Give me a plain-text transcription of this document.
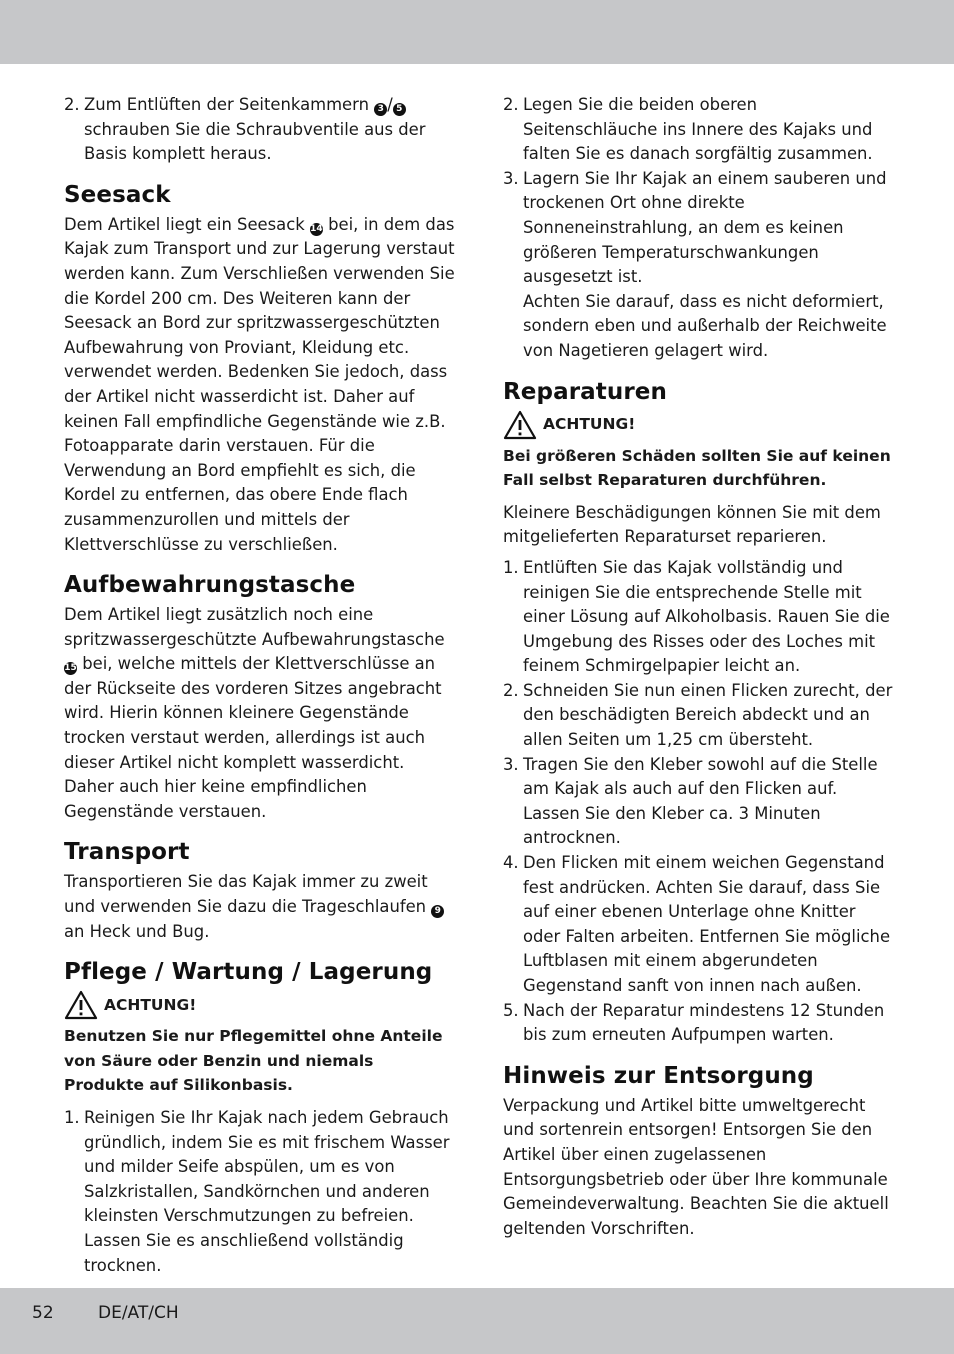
2. Zum Entlüften der Seitenkammern 3 / 5 schrauben Sie die Schraubventile aus der Basis komplett heraus.
Seesack

Dem Artikel liegt ein Seesack 14 bei, in dem das Kajak zum Transport und zur Lagerung verstaut werden kann. Zum Verschließen verwenden Sie die Kordel 200 cm. Des Weiteren kann der Seesack an Bord zur spritzwassergeschützten Aufbewahrung von Proviant, Kleidung etc. verwendet werden. Bedenken Sie jedoch, dass der Artikel nicht wasserdicht ist. Daher auf keinen Fall empfindliche Gegenstände wie z.B. Fotoapparate darin verstauen. Für die Verwendung an Bord empfiehlt es sich, die Kordel zu entfernen, das obere Ende flach zusammenzurollen und mittels der Klettverschlüsse zu verschließen.

Aufbewahrungstasche

Dem Artikel liegt zusätzlich noch eine spritzwassergeschützte Aufbewahrungstasche 15 bei, welche mittels der Klettverschlüsse an der Rückseite des vorderen Sitzes angebracht wird. Hierin können kleinere Gegenstände trocken verstaut werden, allerdings ist auch dieser Artikel nicht komplett wasserdicht. Daher auch hier keine empfindlichen Gegenstände verstauen.

Transport

Transportieren Sie das Kajak immer zu zweit und verwenden Sie dazu die Trageschlaufen 9 an Heck und Bug.

Pflege / Wartung / Lagerung
ACHTUNG!

Benutzen Sie nur Pflegemittel ohne Anteile von Säure oder Benzin und niemals Produkte auf Silikonbasis.

1. Reinigen Sie Ihr Kajak nach jedem Gebrauch gründlich, indem Sie es mit frischem Wasser und milder Seife abspülen, um es von Salzkristallen, Sandkörnchen und anderen kleinsten Verschmutzungen zu befreien. Lassen Sie es anschließend vollständig trocknen.
2. Legen Sie die beiden oberen Seitenschläuche ins Innere des Kajaks und falten Sie es danach sorgfältig zusammen.
3. Lagern Sie Ihr Kajak an einem sauberen und trockenen Ort ohne direkte Sonneneinstrahlung, an dem es keinen größeren Temperaturschwankungen ausgesetzt ist.
Achten Sie darauf, dass es nicht deformiert, sondern eben und außerhalb der Reichweite von Nagetieren gelagert wird.
Reparaturen
ACHTUNG!

Bei größeren Schäden sollten Sie auf keinen Fall selbst Reparaturen durchführen.

Kleinere Beschädigungen können Sie mit dem mitgelieferten Reparaturset reparieren.

1. Entlüften Sie das Kajak vollständig und reinigen Sie die entsprechende Stelle mit einer Lösung auf Alkoholbasis. Rauen Sie die Umgebung des Risses oder des Loches mit feinem Schmirgelpapier leicht an.
2. Schneiden Sie nun einen Flicken zurecht, der den beschädigten Bereich abdeckt und an allen Seiten um 1,25 cm übersteht.
3. Tragen Sie den Kleber sowohl auf die Stelle am Kajak als auch auf den Flicken auf. Lassen Sie den Kleber ca. 3 Minuten antrocknen.
4. Den Flicken mit einem weichen Gegenstand fest andrücken. Achten Sie darauf, dass Sie auf einer ebenen Unterlage ohne Knitter oder Falten arbeiten. Entfernen Sie mögliche Luftblasen mit einem abgerundeten Gegenstand sanft von innen nach außen.
5. Nach der Reparatur mindestens 12 Stunden bis zum erneuten Aufpumpen warten.
Hinweis zur Entsorgung

Verpackung und Artikel bitte umweltgerecht und sortenrein entsorgen! Entsorgen Sie den Artikel über einen zugelassenen Entsorgungsbetrieb oder über Ihre kommunale Gemeindeverwaltung. Beachten Sie die aktuell geltenden Vorschriften.

52	DE/AT/CH
